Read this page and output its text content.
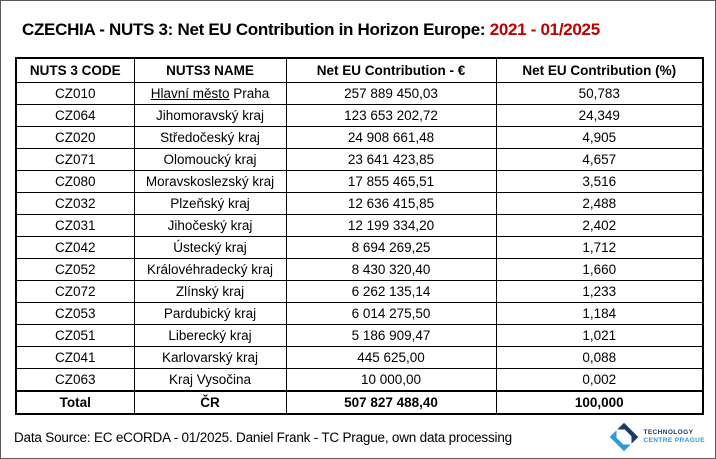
CZECHIA - NUTS 3: Net EU Contribution in Horizon Europe: 2021 - 01/2025
NUTS 3 CODE	NUTS3 NAME	Net EU Contribution - €	Net EU Contribution (%)
CZ010	Hlavní město Praha	257 889 450,03	50,783
CZ064	Jihomoravský kraj	123 653 202,72	24,349
CZ020	Středočeský kraj	24 908 661,48	4,905
CZ071	Olomoucký kraj	23 641 423,85	4,657
CZ080	Moravskoslezský kraj	17 855 465,51	3,516
CZ032	Plzeňský kraj	12 636 415,85	2,488
CZ031	Jihočeský kraj	12 199 334,20	2,402
CZ042	Ústecký kraj	8 694 269,25	1,712
CZ052	Královéhradecký kraj	8 430 320,40	1,660
CZ072	Zlínský kraj	6 262 135,14	1,233
CZ053	Pardubický kraj	6 014 275,50	1,184
CZ051	Liberecký kraj	5 186 909,47	1,021
CZ041	Karlovarský kraj	445 625,00	0,088
CZ063	Kraj Vysočina	10 000,00	0,002
Total	ČR	507 827 488,40	100,000
Data Source: EC eCORDA - 01/2025. Daniel Frank - TC Prague, own data processing	TECHNOLOGY
CENTRE PRAGUE
